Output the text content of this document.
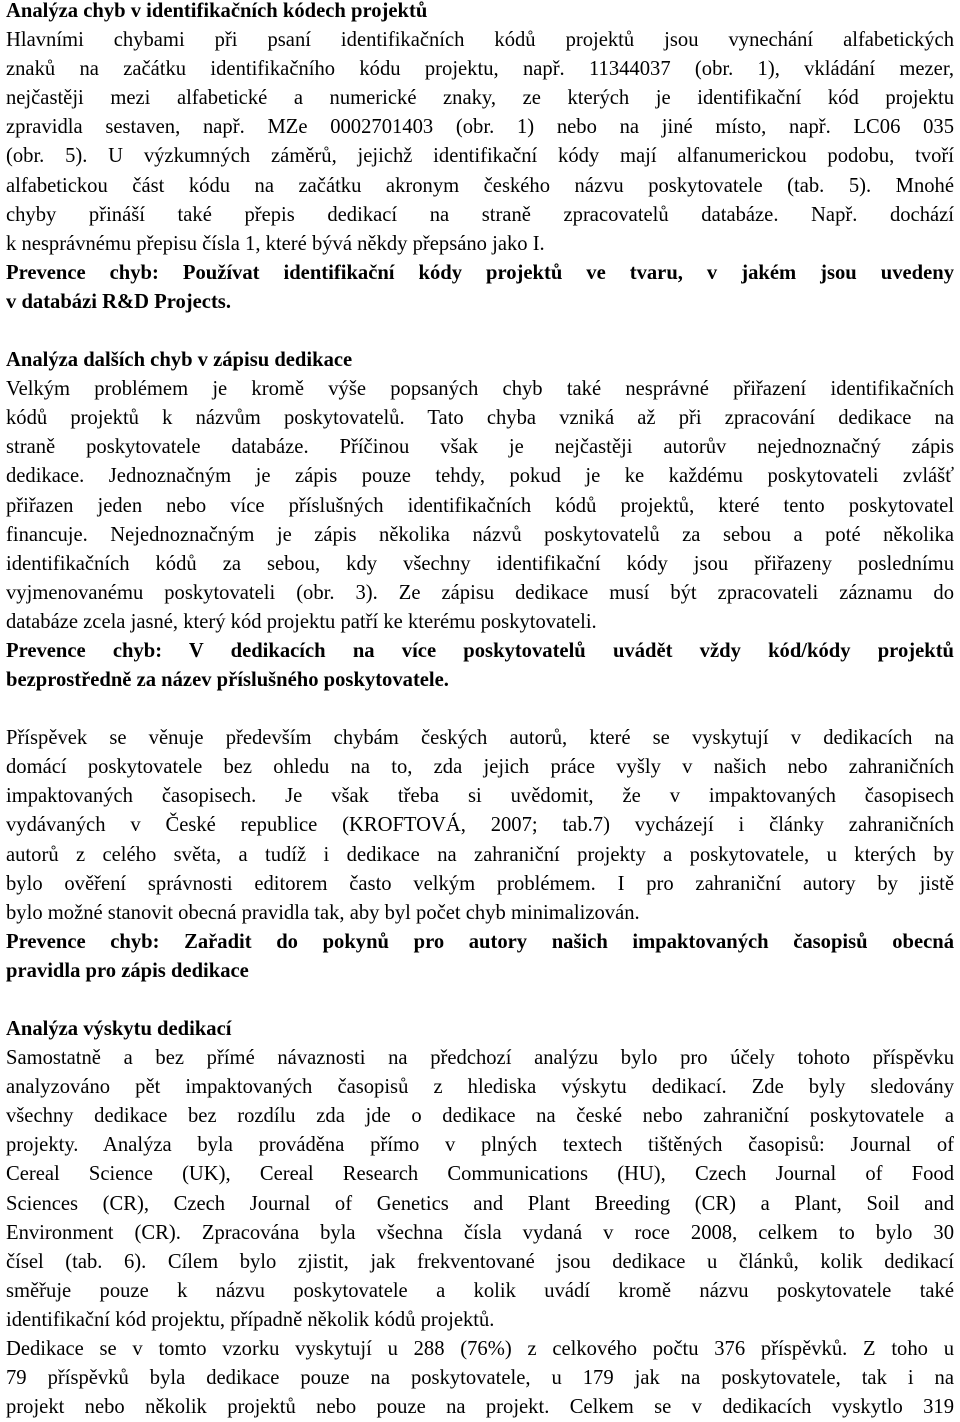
Analýza chyb v identifikačních kódech projektů
Hlavními chybami při psaní identifikačních kódů projektů jsou vynechání alfabetických
znaků na začátku identifikačního kódu projektu, např. 11344037 (obr. 1), vkládání mezer,
nejčastěji mezi alfabetické a numerické znaky, ze kterých je identifikační kód projektu
zpravidla sestaven, např. MZe 0002701403 (obr. 1) nebo na jiné místo, např. LC06 035
(obr. 5). U výzkumných záměrů, jejichž identifikační kódy mají alfanumerickou podobu, tvoří
alfabetickou část kódu na začátku akronym českého názvu poskytovatele (tab. 5). Mnohé
chyby přináší také přepis dedikací na straně zpracovatelů databáze. Např. dochází
k nesprávnému přepisu čísla 1, které bývá někdy přepsáno jako I.
Prevence chyb: Používat identifikační kódy projektů ve tvaru, v jakém jsou uvedeny
v databázi R&D Projects.
Analýza dalších chyb v zápisu dedikace
Velkým problémem je kromě výše popsaných chyb také nesprávné přiřazení identifikačních
kódů projektů k názvům poskytovatelů. Tato chyba vzniká až při zpracování dedikace na
straně poskytovatele databáze. Příčinou však je nejčastěji autorův nejednoznačný zápis
dedikace. Jednoznačným je zápis pouze tehdy, pokud je ke každému poskytovateli zvlášť
přiřazen jeden nebo více příslušných identifikačních kódů projektů, které tento poskytovatel
financuje. Nejednoznačným je zápis několika názvů poskytovatelů za sebou a poté několika
identifikačních kódů za sebou, kdy všechny identifikační kódy jsou přiřazeny poslednímu
vyjmenovanému poskytovateli (obr. 3). Ze zápisu dedikace musí být zpracovateli záznamu do
databáze zcela jasné, který kód projektu patří ke kterému poskytovateli.
Prevence chyb: V dedikacích na více poskytovatelů uvádět vždy kód/kódy projektů
bezprostředně za název příslušného poskytovatele.
Příspěvek se věnuje především chybám českých autorů, které se vyskytují v dedikacích na
domácí poskytovatele bez ohledu na to, zda jejich práce vyšly v našich nebo zahraničních
impaktovaných časopisech. Je však třeba si uvědomit, že v impaktovaných časopisech
vydávaných v České republice (KROFTOVÁ, 2007; tab.7) vycházejí i články zahraničních
autorů z celého světa, a tudíž i dedikace na zahraniční projekty a poskytovatele, u kterých by
bylo ověření správnosti editorem často velkým problémem. I pro zahraniční autory by jistě
bylo možné stanovit obecná pravidla tak, aby byl počet chyb minimalizován.
Prevence chyb: Zařadit do pokynů pro autory našich impaktovaných časopisů obecná
pravidla pro zápis dedikace
Analýza výskytu dedikací
Samostatně a bez přímé návaznosti na předchozí analýzu bylo pro účely tohoto příspěvku
analyzováno pět impaktovaných časopisů z hlediska výskytu dedikací. Zde byly sledovány
všechny dedikace bez rozdílu zda jde o dedikace na české nebo zahraniční poskytovatele a
projekty. Analýza byla prováděna přímo v plných textech tištěných časopisů: Journal of
Cereal Science (UK), Cereal Research Communications (HU), Czech Journal of Food
Sciences (CR), Czech Journal of Genetics and Plant Breeding (CR) a Plant, Soil and
Environment (CR). Zpracována byla všechna čísla vydaná v roce 2008, celkem to bylo 30
čísel (tab. 6). Cílem bylo zjistit, jak frekventované jsou dedikace u článků, kolik dedikací
směřuje pouze k názvu poskytovatele a kolik uvádí kromě názvu poskytovatele také
identifikační kód projektu, případně několik kódů projektů.
Dedikace se v tomto vzorku vyskytují u 288 (76%) z celkového počtu 376 příspěvků. Z toho u
79 příspěvků byla dedikace pouze na poskytovatele, u 179 jak na poskytovatele, tak i na
projekt nebo několik projektů nebo pouze na projekt. Celkem se v dedikacích vyskytlo 319
